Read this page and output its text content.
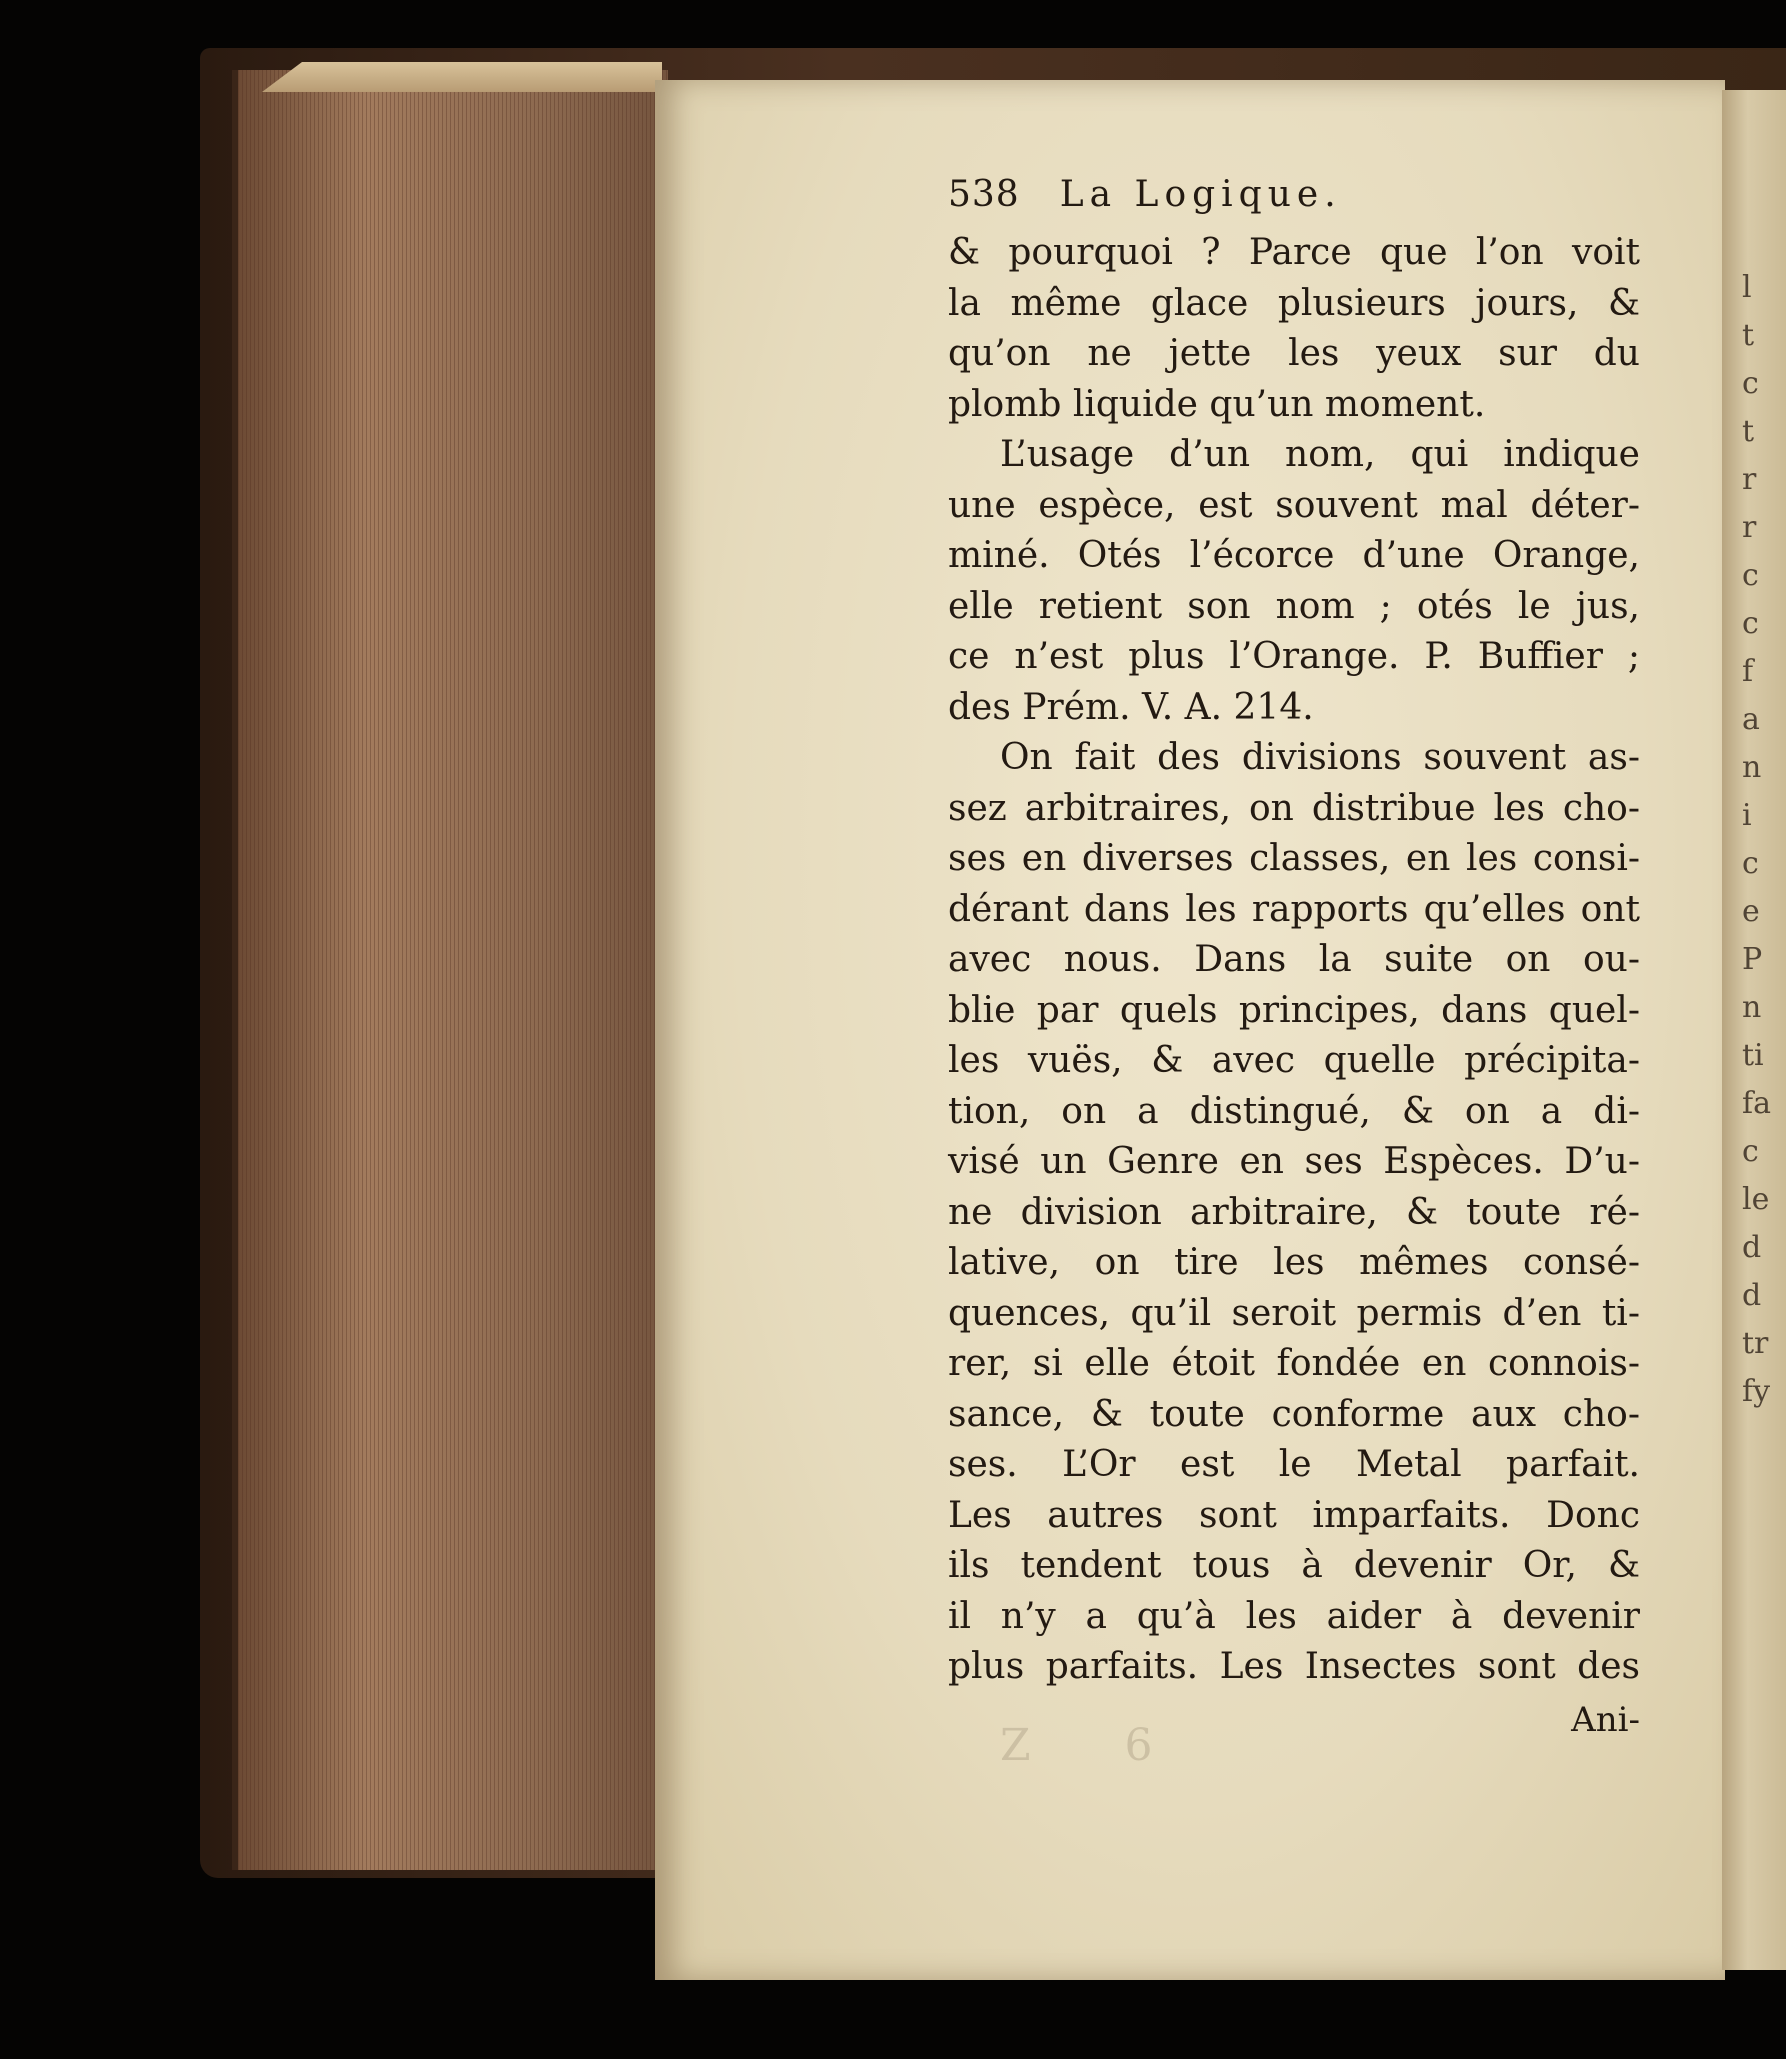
l
t
c
t
r
r
c
c
f
a
n
i
c
e
P
n
ti
fa
c
le
d
d
tr
fy
Z 6
538 La Logique.
& pourquoi ? Parce que l’on voit
la même glace plusieurs jours, &
qu’on ne jette les yeux sur du
plomb liquide qu’un moment.
L’usage d’un nom, qui indique
une espèce, est souvent mal déter-
miné. Otés l’écorce d’une Orange,
elle retient son nom ; otés le jus,
ce n’est plus l’Orange. P. Buffier ;
des Prém. V. A. 214.
On fait des divisions souvent as-
sez arbitraires, on distribue les cho-
ses en diverses classes, en les consi-
dérant dans les rapports qu’elles ont
avec nous. Dans la suite on ou-
blie par quels principes, dans quel-
les vuës, & avec quelle précipita-
tion, on a distingué, & on a di-
visé un Genre en ses Espèces. D’u-
ne division arbitraire, & toute ré-
lative, on tire les mêmes consé-
quences, qu’il seroit permis d’en ti-
rer, si elle étoit fondée en connois-
sance, & toute conforme aux cho-
ses. L’Or est le Metal parfait.
Les autres sont imparfaits. Donc
ils tendent tous à devenir Or, &
il n’y a qu’à les aider à devenir
plus parfaits. Les Insectes sont des
Ani-
